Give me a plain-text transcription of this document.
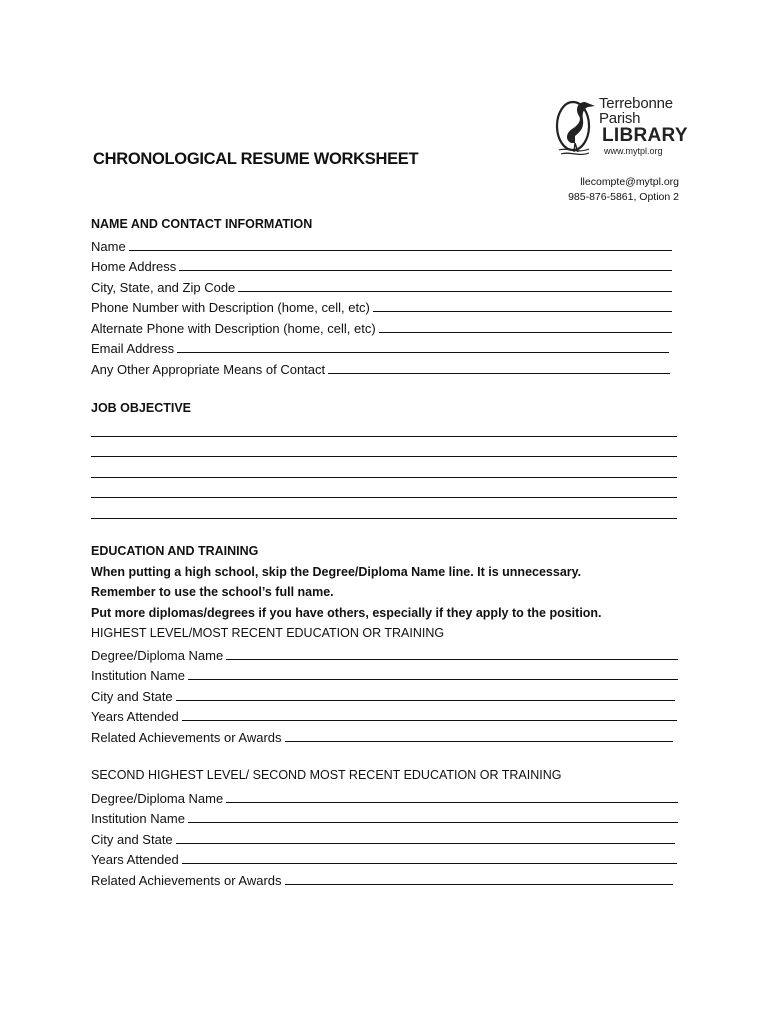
Terrebonne
Parish
LIBRARY
www.mytpl.org
CHRONOLOGICAL RESUME WORKSHEET
llecompte@mytpl.org
985-876-5861, Option 2
NAME AND CONTACT INFORMATION
Name
Home Address
City, State, and Zip Code
Phone Number with Description (home, cell, etc)
Alternate Phone with Description (home, cell, etc)
Email Address
Any Other Appropriate Means of Contact
JOB OBJECTIVE
EDUCATION AND TRAINING
When putting a high school, skip the Degree/Diploma Name line. It is unnecessary.
Remember to use the school’s full name.
Put more diplomas/degrees if you have others, especially if they apply to the position.
HIGHEST LEVEL/MOST RECENT EDUCATION OR TRAINING
Degree/Diploma Name
Institution Name
City and State
Years Attended
Related Achievements or Awards
SECOND HIGHEST LEVEL/ SECOND MOST RECENT EDUCATION OR TRAINING
Degree/Diploma Name
Institution Name
City and State
Years Attended
Related Achievements or Awards
